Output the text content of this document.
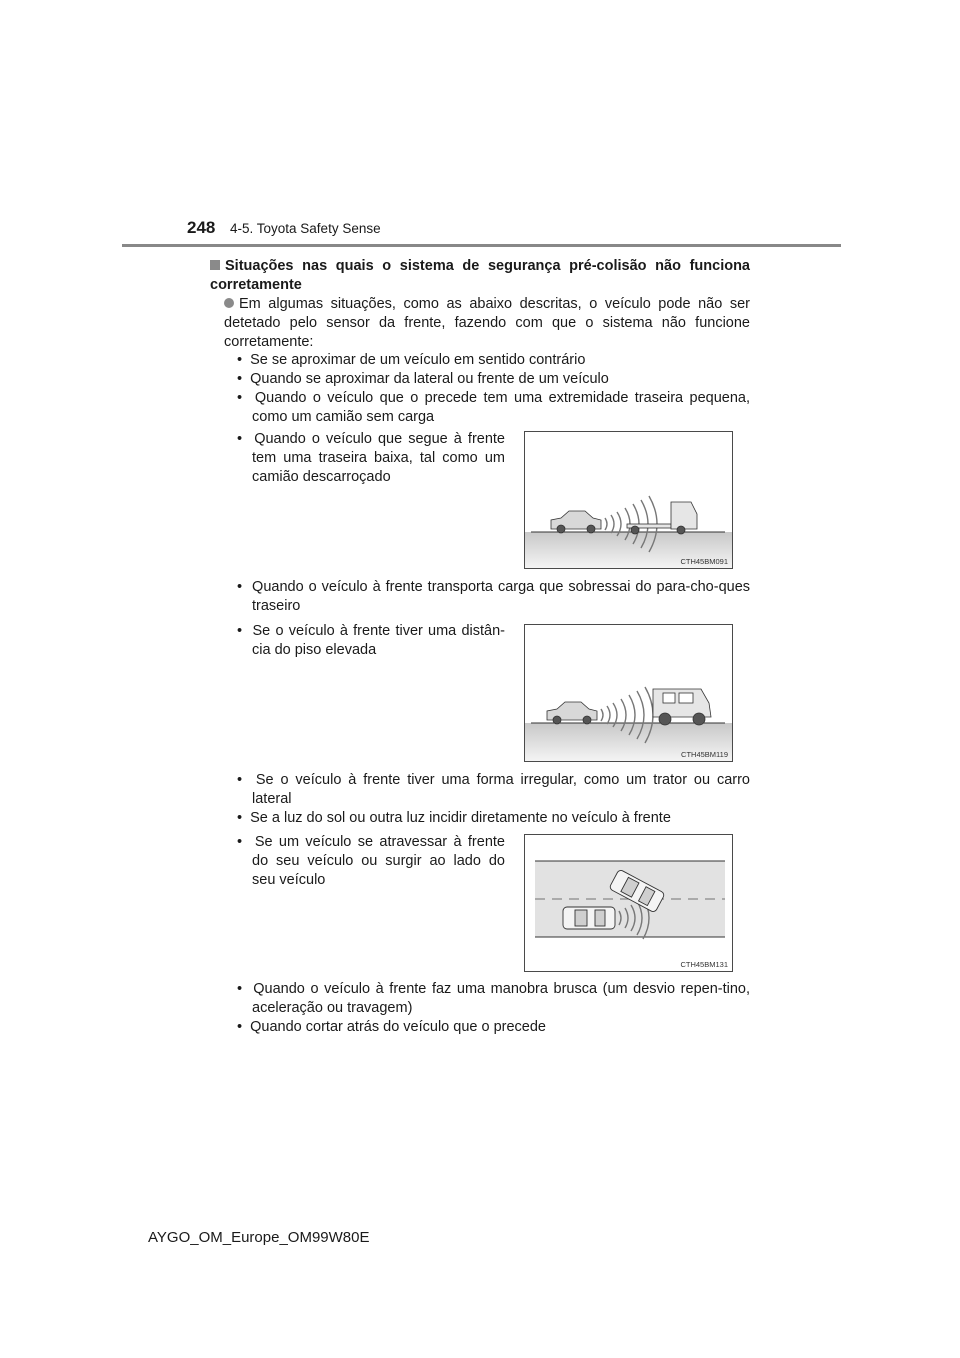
248 4-5. Toyota Safety Sense
Situações nas quais o sistema de segurança pré-colisão não funciona corretamente
Em algumas situações, como as abaixo descritas, o veículo pode não ser detetado pelo sensor da frente, fazendo com que o sistema não funcione corretamente:

•  Se se aproximar de um veículo em sentido contrário

•  Quando se aproximar da lateral ou frente de um veículo

•  Quando o veículo que o precede tem uma extremidade traseira pequena, como um camião sem carga

•  Quando o veículo que segue à frente tem uma traseira baixa, tal como um camião descarroçado

CTH45BM091

•  Quando o veículo à frente transporta carga que sobressai do para-cho-ques traseiro

•  Se o veículo à frente tiver uma distân-cia do piso elevada

CTH45BM119

•  Se o veículo à frente tiver uma forma irregular, como um trator ou carro lateral

•  Se a luz do sol ou outra luz incidir diretamente no veículo à frente

•  Se um veículo se atravessar à frente do seu veículo ou surgir ao lado do seu veículo

CTH45BM131

•  Quando o veículo à frente faz uma manobra brusca (um desvio repen-tino, aceleração ou travagem)

•  Quando cortar atrás do veículo que o precede

AYGO_OM_Europe_OM99W80E
